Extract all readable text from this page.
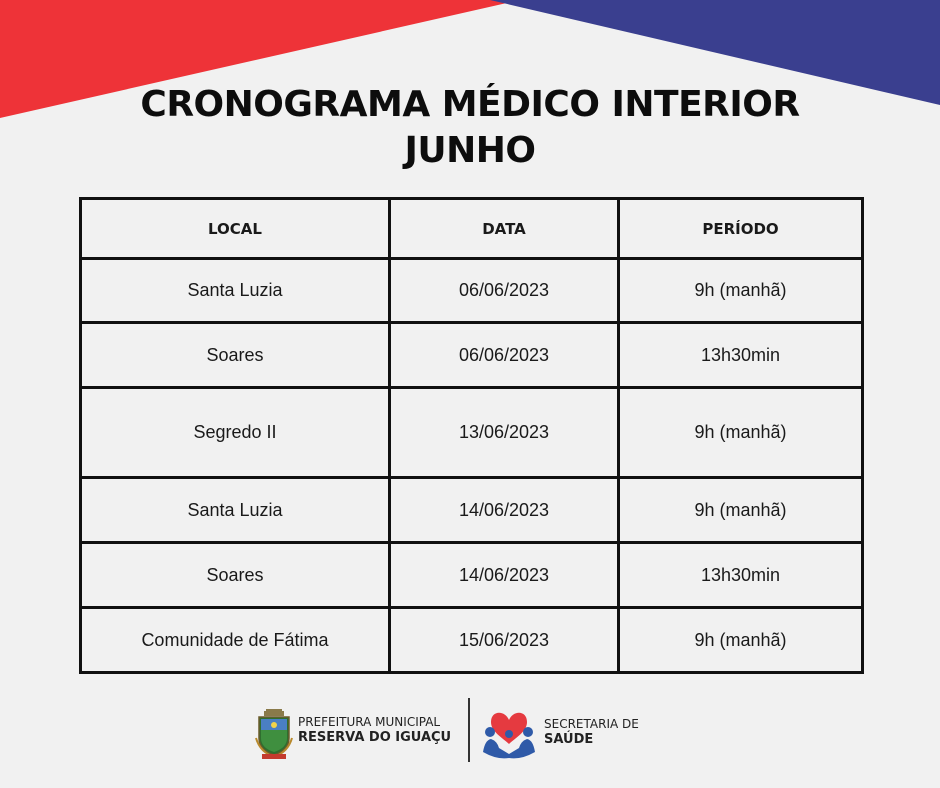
CRONOGRAMA MÉDICO INTERIOR
JUNHO
LOCAL	DATA	PERÍODO
Santa Luzia	06/06/2023	9h (manhã)
Soares	06/06/2023	13h30min
Segredo II	13/06/2023	9h (manhã)
Santa Luzia	14/06/2023	9h (manhã)
Soares	14/06/2023	13h30min
Comunidade de Fátima	15/06/2023	9h (manhã)
PREFEITURA MUNICIPAL
RESERVA DO IGUAÇU
SECRETARIA DE
SAÚDE
